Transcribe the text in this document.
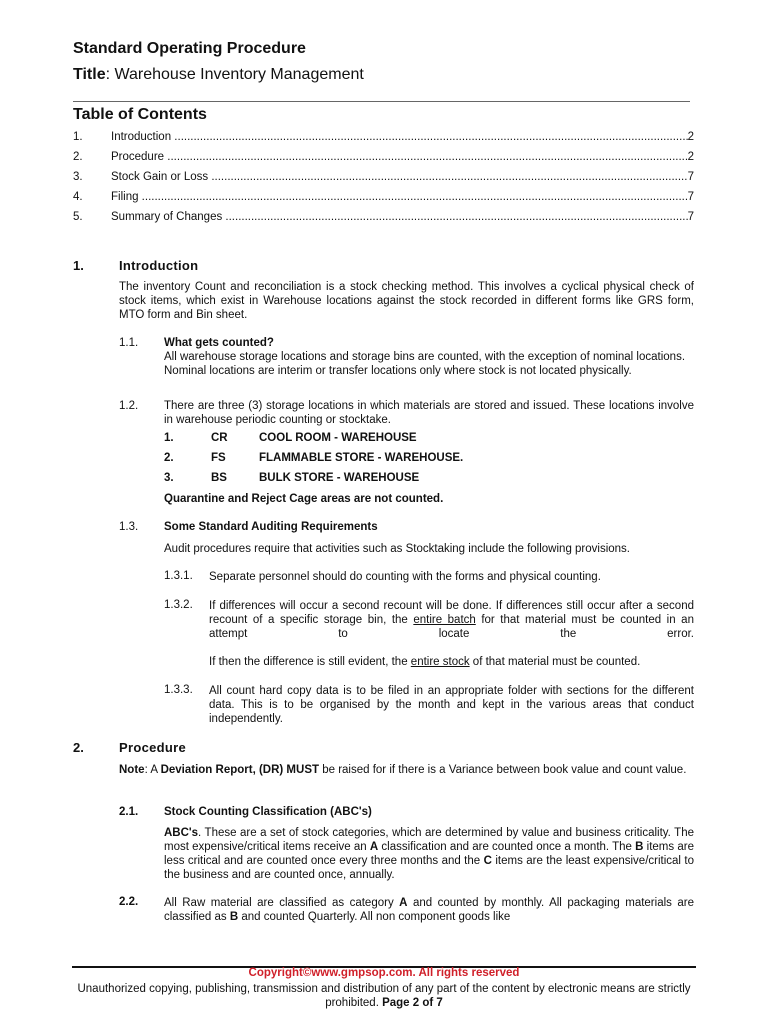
Standard Operating Procedure
Title: Warehouse Inventory Management
Table of Contents
1.	Introduction .....	2
2.	Procedure .....	2
3.	Stock Gain or Loss .....	7
4.	Filing .....	7
5.	Summary of Changes .....	7
1.	Introduction
The inventory Count and reconciliation is a stock checking method. This involves a cyclical physical check of stock items, which exist in Warehouse locations against the stock recorded in different forms like GRS form, MTO form and Bin sheet.
1.1. What gets counted?
All warehouse storage locations and storage bins are counted, with the exception of nominal locations. Nominal locations are interim or transfer locations only where stock is not located physically.
1.2. There are three (3) storage locations in which materials are stored and issued. These locations involve in warehouse periodic counting or stocktake.
1.	CR	COOL ROOM - WAREHOUSE
2.	FS	FLAMMABLE STORE - WAREHOUSE.
3.	BS	BULK STORE - WAREHOUSE
Quarantine and Reject Cage areas are not counted.
1.3. Some Standard Auditing Requirements
Audit procedures require that activities such as Stocktaking include the following provisions.
1.3.1. Separate personnel should do counting with the forms and physical counting.
1.3.2. If differences will occur a second recount will be done. If differences still occur after a second recount of a specific storage bin, the entire batch for that material must be counted in an attempt to locate the error.
If then the difference is still evident, the entire stock of that material must be counted.
1.3.3. All count hard copy data is to be filed in an appropriate folder with sections for the different data. This is to be organised by the month and kept in the various areas that conduct independently.
2.	Procedure
Note: A Deviation Report, (DR) MUST be raised for if there is a Variance between book value and count value.
2.1. Stock Counting Classification (ABC's)
ABC's. These are a set of stock categories, which are determined by value and business criticality. The most expensive/critical items receive an A classification and are counted once a month. The B items are less critical and are counted once every three months and the C items are the least expensive/critical to the business and are counted once, annually.
2.2. All Raw material are classified as category A and counted by monthly. All packaging materials are classified as B and counted Quarterly. All non component goods like
Copyright©www.gmpsop.com. All rights reserved
Unauthorized copying, publishing, transmission and distribution of any part of the content by electronic means are strictly prohibited. Page 2 of 7
